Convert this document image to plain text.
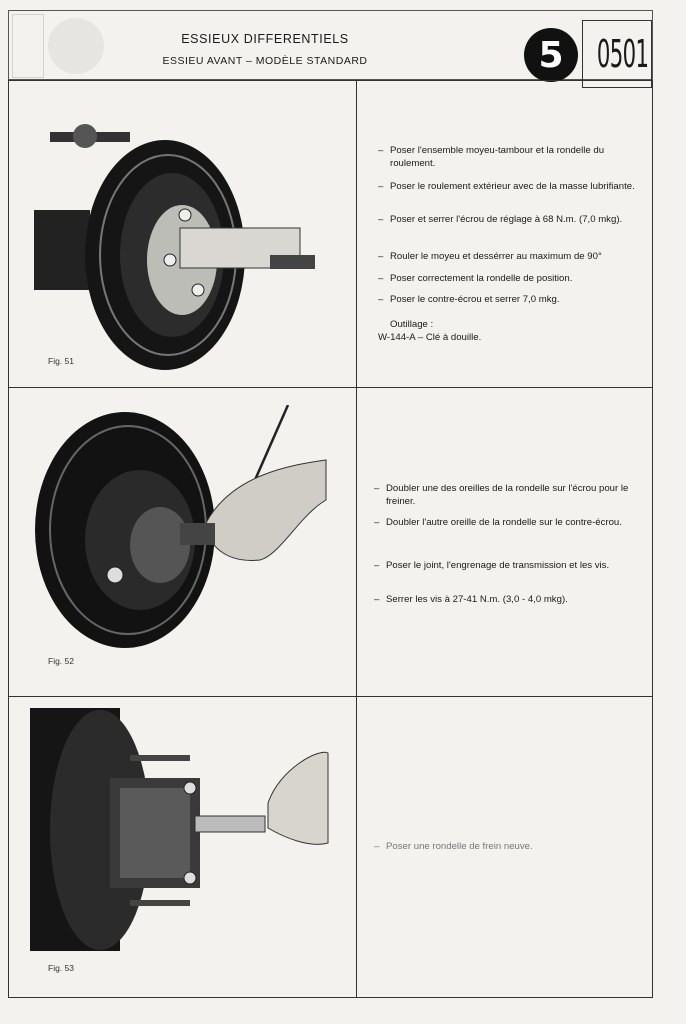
ESSIEUX DIFFERENTIELS
ESSIEU AVANT – MODÈLE STANDARD	5 0501
Fig. 51
Fig. 52
Fig. 53
– Poser l'ensemble moyeu-tambour et la rondelle du roulement.
– Poser le roulement extérieur avec de la masse lubrifiante.
– Poser et serrer l'écrou de réglage à 68 N.m. (7,0 mkg).
– Rouler le moyeu et dessérrer au maximum de 90°
– Poser correctement la rondelle de position.
– Poser le contre-écrou et serrer 7,0 mkg.
Outillage :
W-144-A – Clé à douille.
– Doubler une des oreilles de la rondelle sur l'écrou pour le freiner.
– Doubler l'autre oreille de la rondelle sur le contre-écrou.
– Poser le joint, l'engrenage de transmission et les vis.
– Serrer les vis à 27-41 N.m. (3,0 - 4,0 mkg).
– Poser une rondelle de frein neuve.
